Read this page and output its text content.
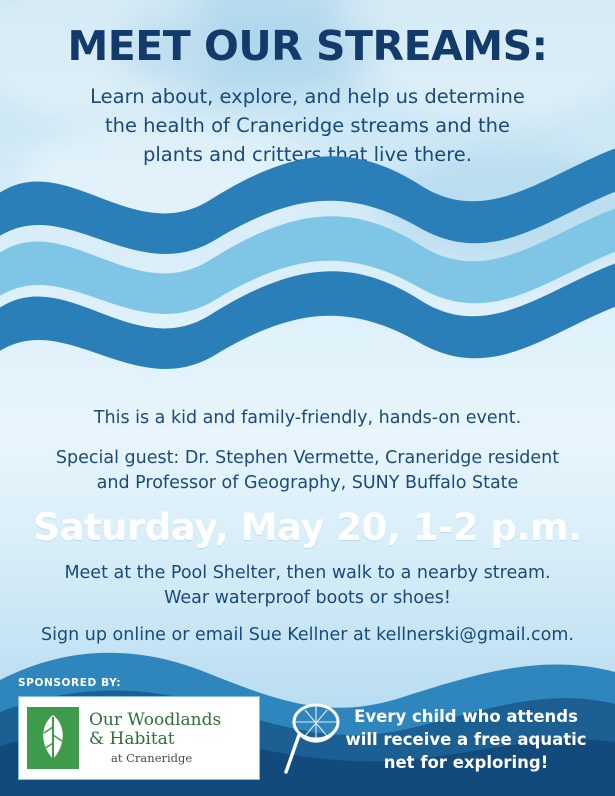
MEET OUR STREAMS:
Learn about, explore, and help us determine
the health of Craneridge streams and the
plants and critters that live there.
This is a kid and family-friendly, hands-on event.
Special guest: Dr. Stephen Vermette, Craneridge resident
and Professor of Geography, SUNY Buffalo State
Saturday, May 20, 1-2 p.m.
Meet at the Pool Shelter, then walk to a nearby stream.
Wear waterproof boots or shoes!
Sign up online or email Sue Kellner at kellnerski@gmail.com.
SPONSORED BY:
Our Woodlands
& Habitat
at Craneridge
Every child who attends
will receive a free aquatic
net for exploring!
